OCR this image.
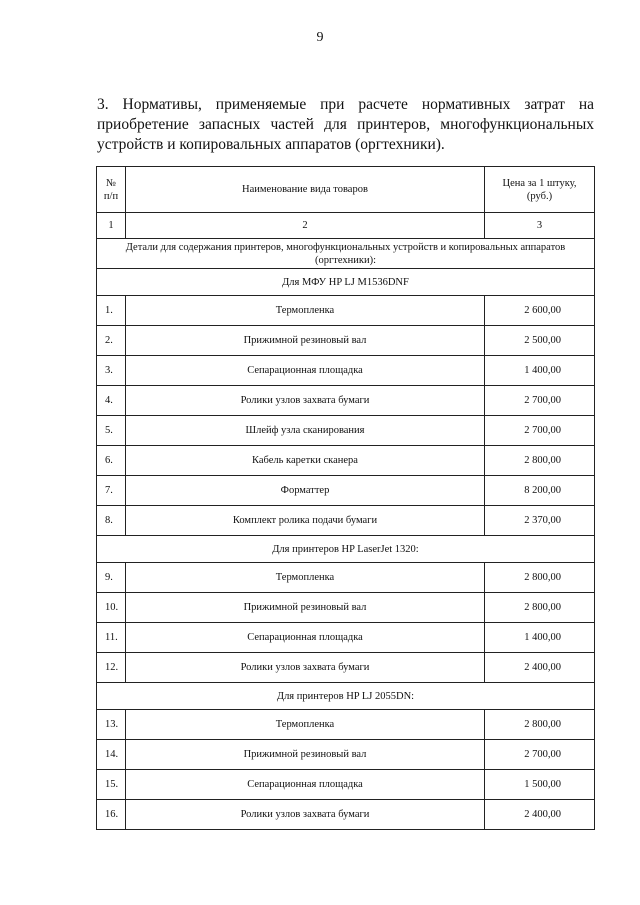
9
3. Нормативы, применяемые при расчете нормативных затрат на приобретение запасных частей для принтеров, многофункциональных устройств и копировальных аппаратов (оргтехники).
№ п/п	Наименование вида товаров	Цена за 1 штуку, (руб.)
1	2	3
Детали для содержания принтеров, многофункциональных устройств и копировальных аппаратов (оргтехники):		
Для МФУ HP LJ M1536DNF		
1.	Термопленка	2 600,00
2.	Прижимной резиновый вал	2 500,00
3.	Сепарационная площадка	1 400,00
4.	Ролики узлов захвата бумаги	2 700,00
5.	Шлейф узла сканирования	2 700,00
6.	Кабель каретки сканера	2 800,00
7.	Форматтер	8 200,00
8.	Комплект ролика подачи бумаги	2 370,00
Для принтеров HP LaserJet 1320:		
9.	Термопленка	2 800,00
10.	Прижимной резиновый вал	2 800,00
11.	Сепарационная площадка	1 400,00
12.	Ролики узлов захвата бумаги	2 400,00
Для принтеров HP LJ 2055DN:		
13.	Термопленка	2 800,00
14.	Прижимной резиновый вал	2 700,00
15.	Сепарационная площадка	1 500,00
16.	Ролики узлов захвата бумаги	2 400,00
